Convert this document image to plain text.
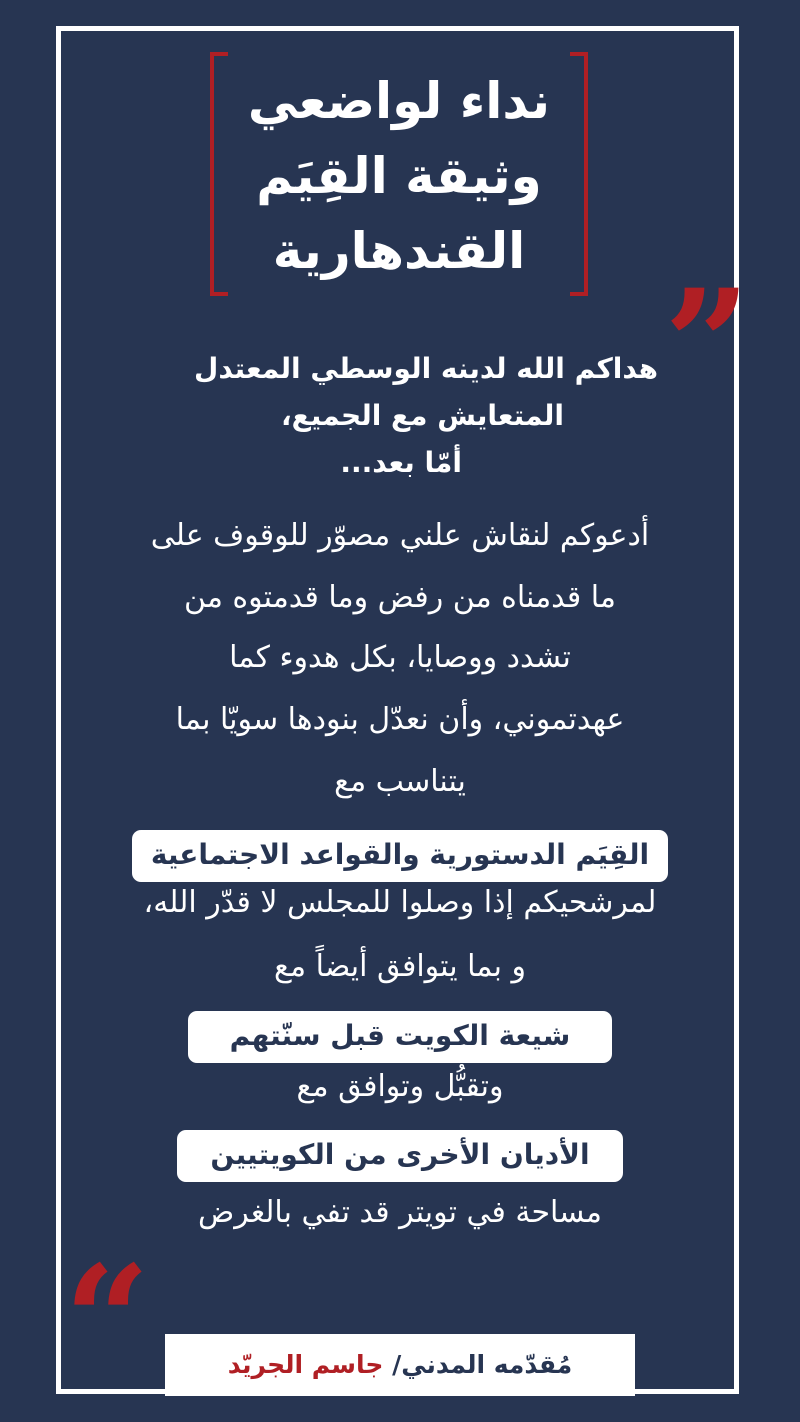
نداء لواضعي
وثيقة القِيَم
القندهارية
”
هداكم الله لدينه الوسطي المعتدل
المتعايش مع الجميع،
أمّا بعد...
أدعوكم لنقاش علني مصوّر للوقوف على
ما قدمناه من رفض وما قدمتوه من
تشدد ووصايا، بكل هدوء كما
عهدتموني، وأن نعدّل بنودها سويّا بما
يتناسب مع
القِيَم الدستورية والقواعد الاجتماعية
لمرشحيكم إذا وصلوا للمجلس لا قدّر الله،
و بما يتوافق أيضاً مع
شيعة الكويت قبل سنّتهم
وتقبُّل وتوافق مع
الأديان الأخرى من الكويتيين
مساحة في تويتر قد تفي بالغرض
“	مُقدّمه المدني/ جاسم الجريّد
